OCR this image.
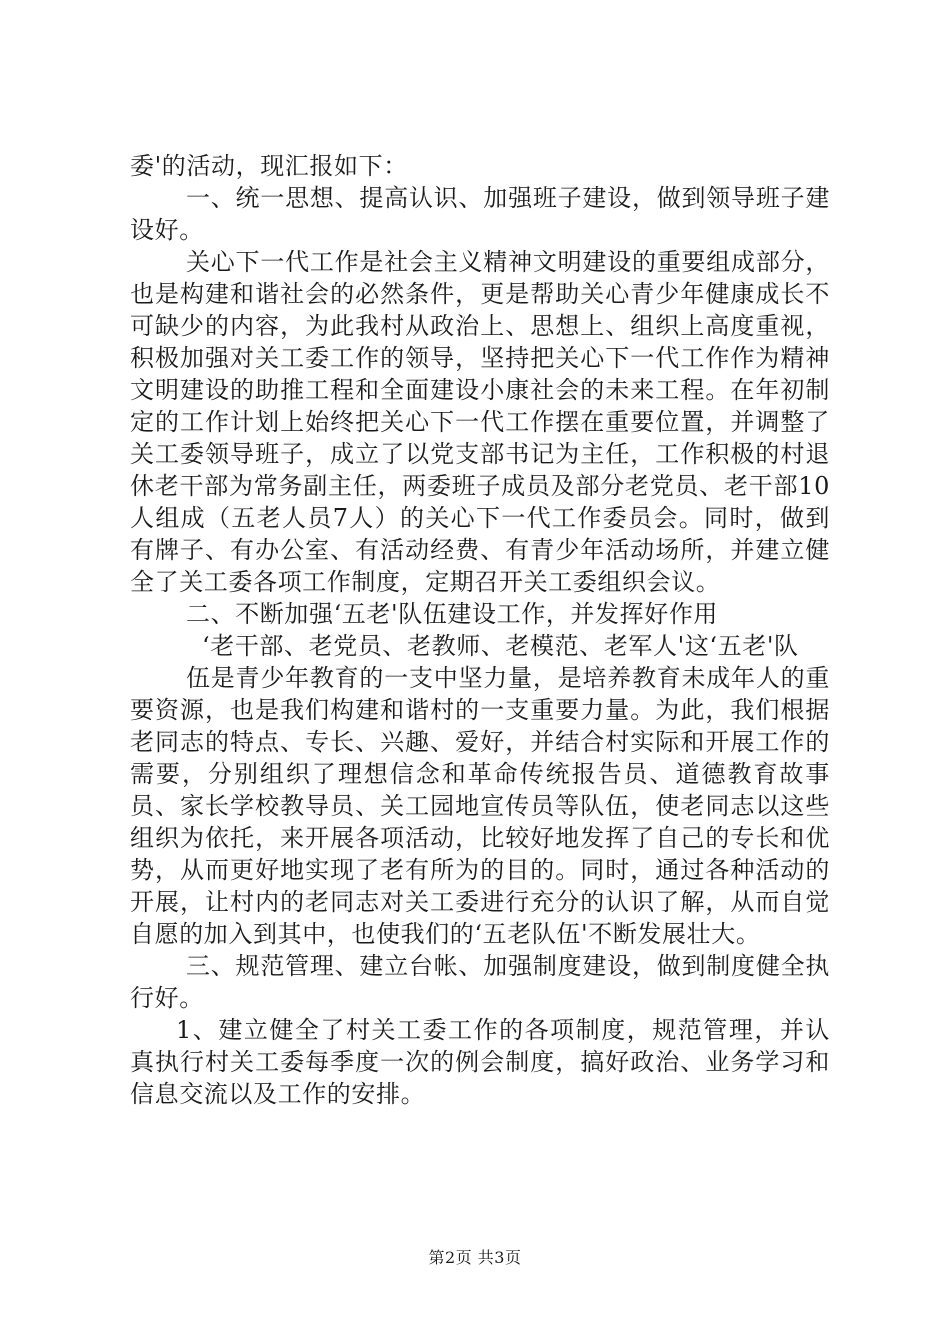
委'的活动，现汇报如下：

一、统一思想、提高认识、加强班子建设，做到领导班子建设好。

关心下一代工作是社会主义精神文明建设的重要组成部分，也是构建和谐社会的必然条件，更是帮助关心青少年健康成长不可缺少的内容，为此我村从政治上、思想上、组织上高度重视，积极加强对关工委工作的领导，坚持把关心下一代工作作为精神文明建设的助推工程和全面建设小康社会的未来工程。在年初制定的工作计划上始终把关心下一代工作摆在重要位置，并调整了关工委领导班子，成立了以党支部书记为主任，工作积极的村退休老干部为常务副主任，两委班子成员及部分老党员、老干部10人组成（五老人员7人）的关心下一代工作委员会。同时，做到有牌子、有办公室、有活动经费、有青少年活动场所，并建立健全了关工委各项工作制度，定期召开关工委组织会议。

二、不断加强‘五老'队伍建设工作，并发挥好作用

‘老干部、老党员、老教师、老模范、老军人'这‘五老'队

伍是青少年教育的一支中坚力量，是培养教育未成年人的重要资源，也是我们构建和谐村的一支重要力量。为此，我们根据老同志的特点、专长、兴趣、爱好，并结合村实际和开展工作的需要，分别组织了理想信念和革命传统报告员、道德教育故事员、家长学校教导员、关工园地宣传员等队伍，使老同志以这些组织为依托，来开展各项活动，比较好地发挥了自己的专长和优势，从而更好地实现了老有所为的目的。同时，通过各种活动的开展，让村内的老同志对关工委进行充分的认识了解，从而自觉自愿的加入到其中，也使我们的‘五老队伍'不断发展壮大。

三、规范管理、建立台帐、加强制度建设，做到制度健全执行好。

1、建立健全了村关工委工作的各项制度，规范管理，并认真执行村关工委每季度一次的例会制度，搞好政治、业务学习和信息交流以及工作的安排。

第2页 共3页
